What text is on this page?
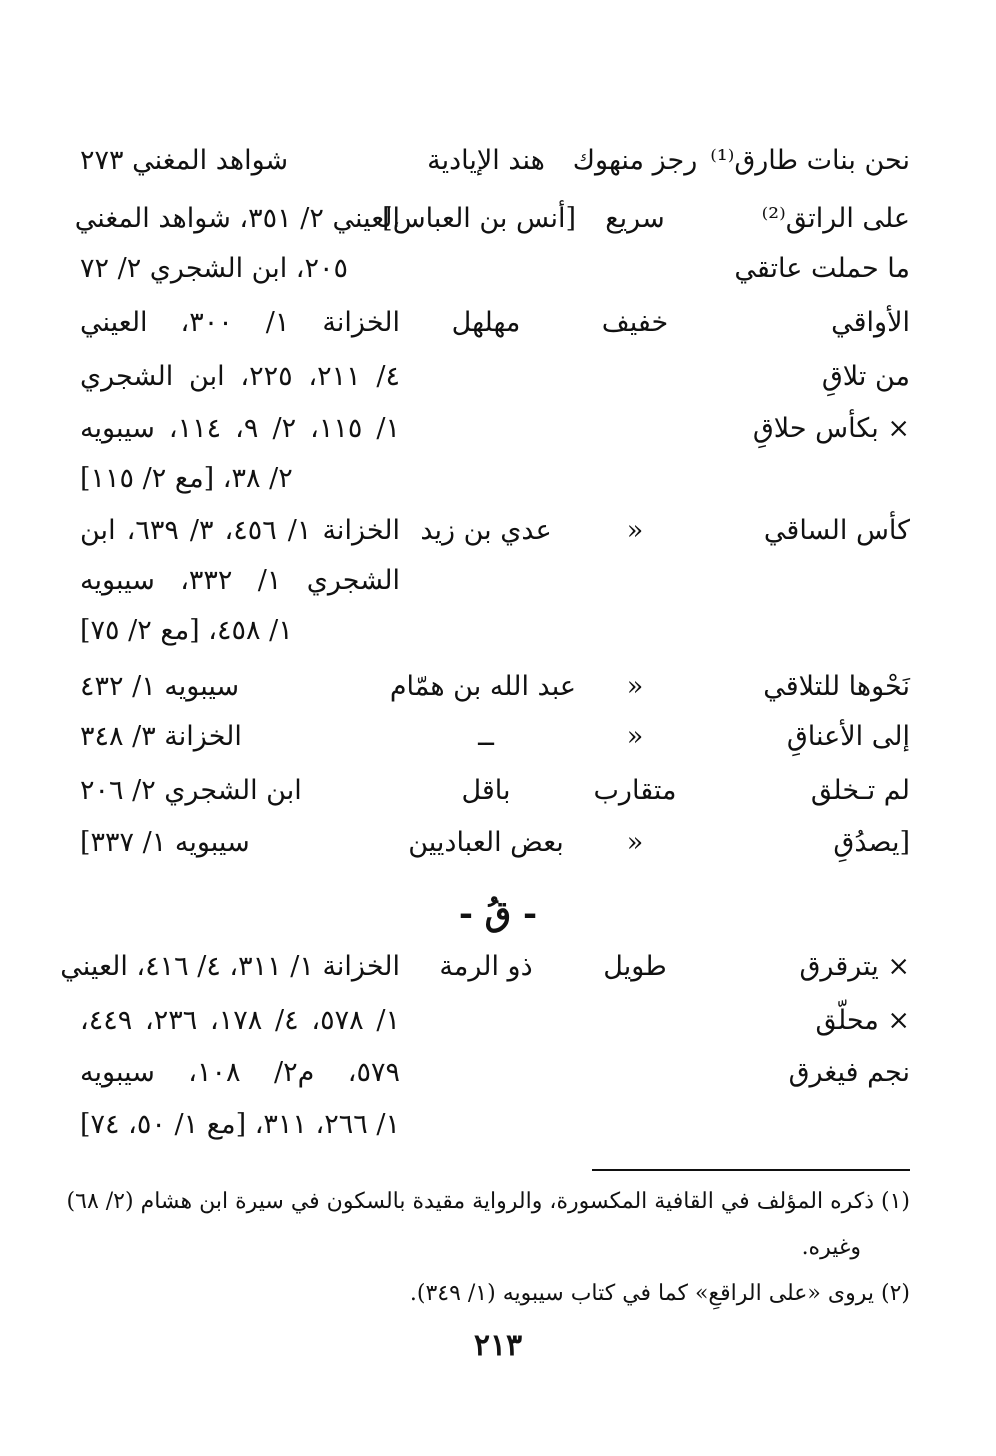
نحن بنات طارق⁽¹⁾
رجز منهوك
هند الإيادية
شواهد المغني ٢٧٣
على الراتق⁽²⁾
سريع
[أنس بن العباس]
العيني ٢/ ٣٥١، شواهد المغني
ما حملت عاتقي
٢٠٥، ابن الشجري ٢/ ٧٢
الأواقي
خفيف
مهلهل
الخزانة ١/ ٣٠٠، العيني
من تلاقِ
٤/ ٢١١، ٢٢٥، ابن الشجري
× بكأس حلاقِ
١/ ١١٥، ٢/ ٩، ١١٤، سيبويه
٢/ ٣٨، [مع ٢/ ١١٥]
كأس الساقي
«
عدي بن زيد
الخزانة ١/ ٤٥٦، ٣/ ٦٣٩، ابن
الشجري ١/ ٣٣٢، سيبويه
١/ ٤٥٨، [مع ٢/ ٧٥]
نَحْوها للتلاقي
«
عبد الله بن همّام
سيبويه ١/ ٤٣٢
إلى الأعناقِ
«
ــ
الخزانة ٣/ ٣٤٨
لم تـخلق
متقارب
باقل
ابن الشجري ٢/ ٢٠٦
[يصدُقِ
«
بعض العباديين
سيبويه ١/ ٣٣٧]
- قُ -
× يترقرق
طويل
ذو الرمة
الخزانة ١/ ٣١١، ٤/ ٤١٦، العيني
× محلّق
١/ ٥٧٨، ٤/ ١٧٨، ٢٣٦، ٤٤٩،
نجم فيغرق
٥٧٩، م٢/ ١٠٨، سيبويه
١/ ٢٦٦، ٣١١، [مع ١/ ٥٠، ٧٤]
(١) ذكره المؤلف في القافية المكسورة، والرواية مقيدة بالسكون في سيرة ابن هشام (٢/ ٦٨)
وغيره.
(٢) يروى «على الراقعِ» كما في كتاب سيبويه (١/ ٣٤٩).
٢١٣
